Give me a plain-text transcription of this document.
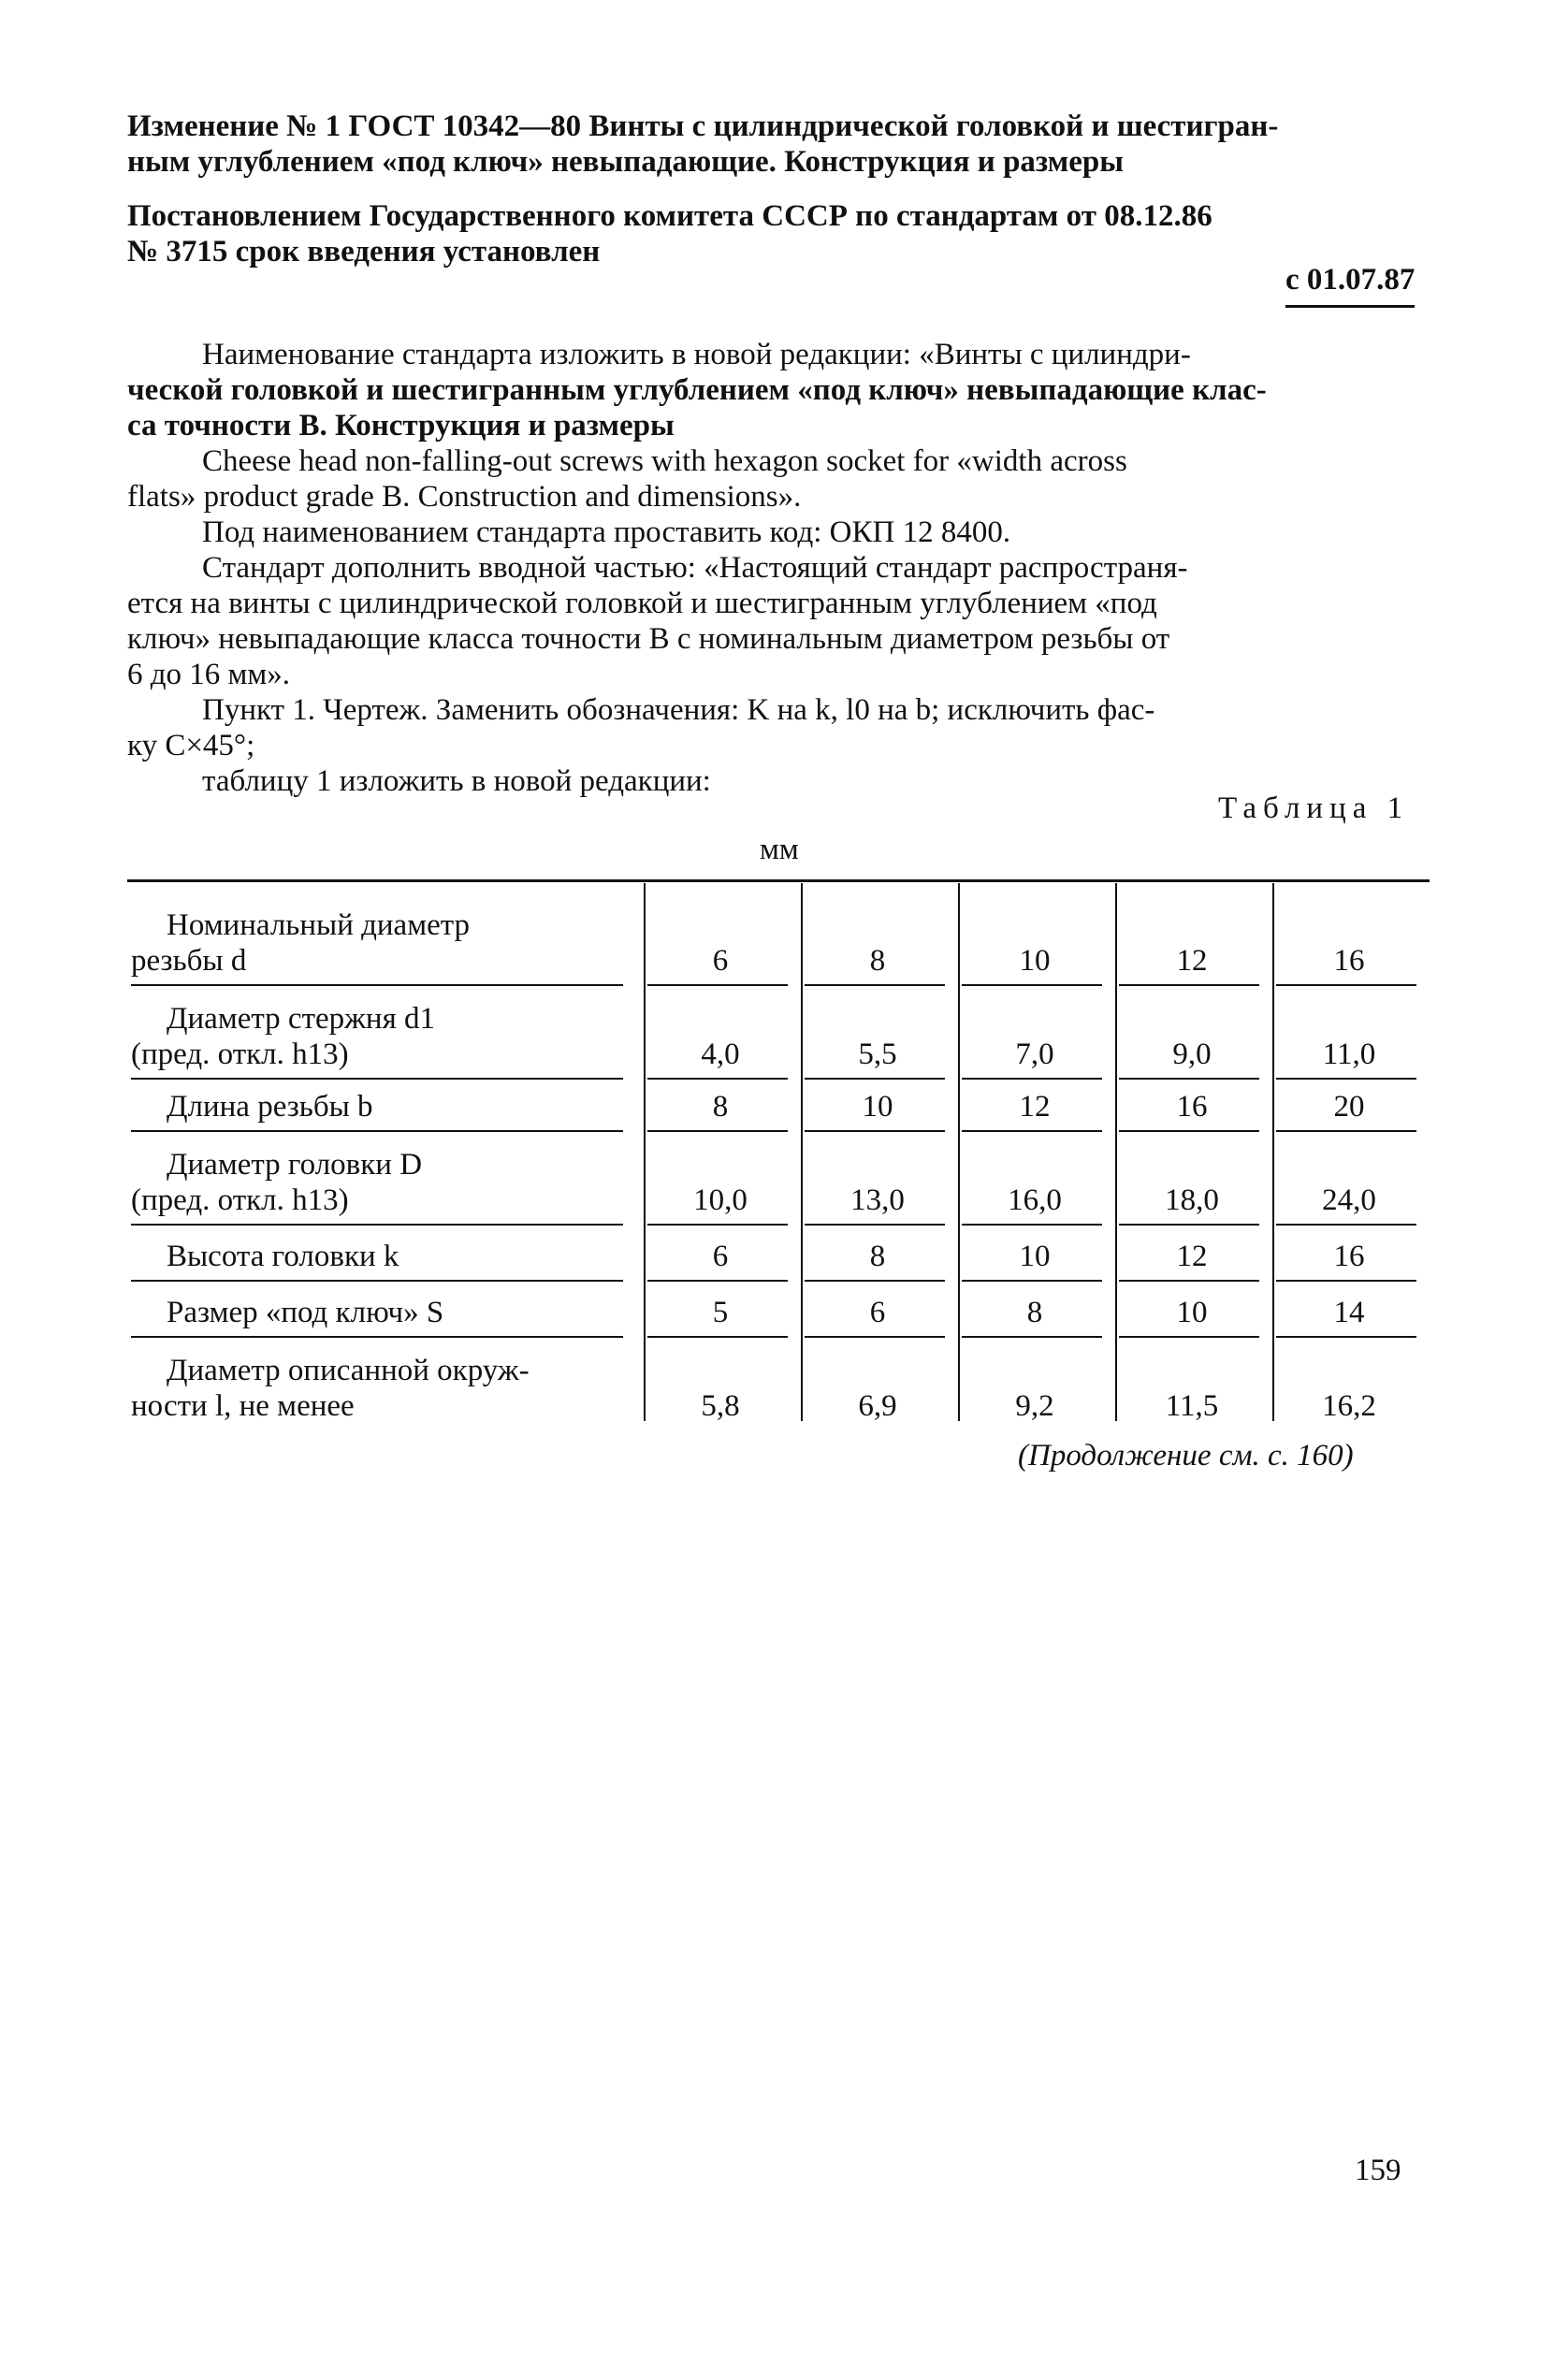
Изменение № 1 ГОСТ 10342—80 Винты с цилиндрической головкой и шестигран-
ным углублением «под ключ» невыпадающие. Конструкция и размеры
Постановлением Государственного комитета СССР по стандартам от 08.12.86
№ 3715 срок введения установлен
с 01.07.87
Наименование стандарта изложить в новой редакции: «Винты с цилиндри-
ческой головкой и шестигранным углублением «под ключ» невыпадающие клас-
са точности В. Конструкция и размеры
Cheese head non-falling-out screws with hexagon socket for «width across
flats» product grade B. Construction and dimensions».
Под наименованием стандарта проставить код: ОКП 12 8400.
Стандарт дополнить вводной частью: «Настоящий стандарт распространя-
ется на винты с цилиндрической головкой и шестигранным углублением «под
ключ» невыпадающие класса точности В с номинальным диаметром резьбы от
6 до 16 мм».
Пункт 1. Чертеж. Заменить обозначения: K на k, l0 на b; исключить фас-
ку C×45°;
таблицу 1 изложить в новой редакции:
Таблица 1
мм
Номинальный диаметр
резьбы d	6	8	10	12	16
Диаметр стержня d1
(пред. откл. h13)	4,0	5,5	7,0	9,0	11,0
Длина резьбы b	8	10	12	16	20
Диаметр головки D
(пред. откл. h13)	10,0	13,0	16,0	18,0	24,0
Высота головки k	6	8	10	12	16
Размер «под ключ» S	5	6	8	10	14
Диаметр описанной окруж-
ности l, не менее	5,8	6,9	9,2	11,5	16,2
(Продолжение см. с. 160)
159
